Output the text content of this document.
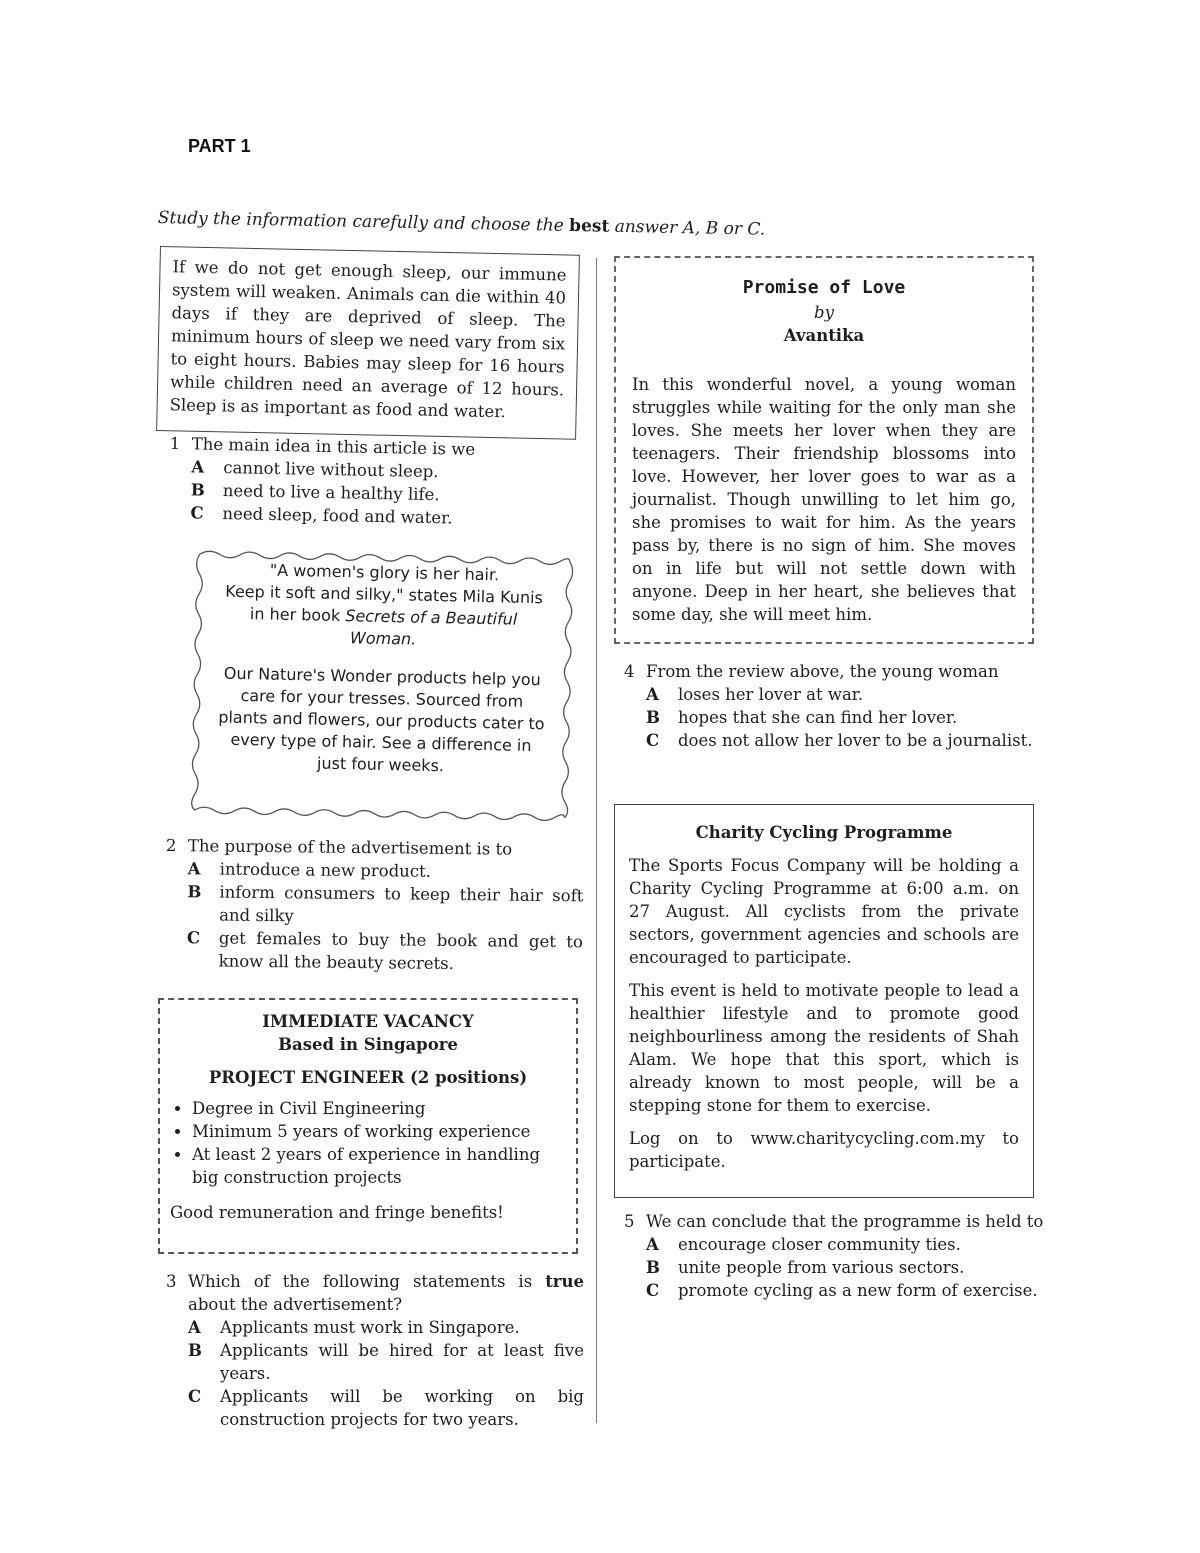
PART 1
Study the information carefully and choose the best answer A, B or C.

If we do not get enough sleep, our immune system will weaken. Animals can die within 40 days if they are deprived of sleep. The minimum hours of sleep we need vary from six to eight hours. Babies may sleep for 16 hours while children need an average of 12 hours. Sleep is as important as food and water.

1 The main idea in this article is we
A	cannot live without sleep.
B	need to live a healthy life.
C	need sleep, food and water.

"A women's glory is her hair.
Keep it soft and silky," states Mila Kunis in her book Secrets of a Beautiful Woman.

Our Nature's Wonder products help you care for your tresses. Sourced from plants and flowers, our products cater to every type of hair. See a difference in just four weeks.

2 The purpose of the advertisement is to
A	introduce a new product.
B	inform consumers to keep their hair soft and silky
C	get females to buy the book and get to know all the beauty secrets.
IMMEDIATE VACANCY
Based in Singapore
PROJECT ENGINEER (2 positions)
• Degree in Civil Engineering
• Minimum 5 years of working experience
• At least 2 years of experience in handling big construction projects
Good remuneration and fringe benefits!
3 Which of the following statements is true about the advertisement?
A	Applicants must work in Singapore.
B	Applicants will be hired for at least five years.
C	Applicants will be working on big construction projects for two years.
Promise of Love
by
Avantika

In this wonderful novel, a young woman struggles while waiting for the only man she loves. She meets her lover when they are teenagers. Their friendship blossoms into love. However, her lover goes to war as a journalist. Though unwilling to let him go, she promises to wait for him. As the years pass by, there is no sign of him. She moves on in life but will not settle down with anyone. Deep in her heart, she believes that some day, she will meet him.

4 From the review above, the young woman
A	loses her lover at war.
B	hopes that she can find her lover.
C	does not allow her lover to be a journalist.
Charity Cycling Programme

The Sports Focus Company will be holding a Charity Cycling Programme at 6:00 a.m. on 27 August. All cyclists from the private sectors, government agencies and schools are encouraged to participate.

This event is held to motivate people to lead a healthier lifestyle and to promote good neighbourliness among the residents of Shah Alam. We hope that this sport, which is already known to most people, will be a stepping stone for them to exercise.

Log on to www.charitycycling.com.my to participate.

5 We can conclude that the programme is held to
A	encourage closer community ties.
B	unite people from various sectors.
C	promote cycling as a new form of exercise.
